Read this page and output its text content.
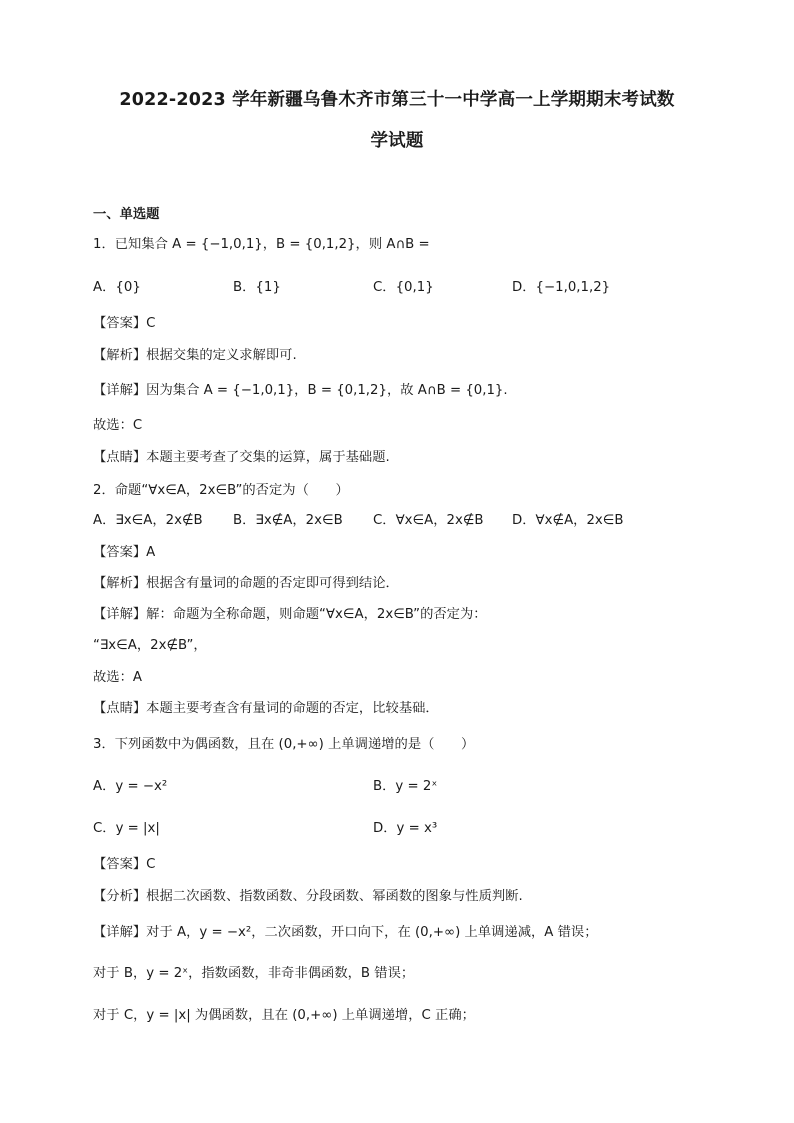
2022-2023 学年新疆乌鲁木齐市第三十一中学高一上学期期末考试数
学试题
一、单选题
1．已知集合 A = {−1,0,1}，B = {0,1,2}，则 A∩B =
A．{0}	B．{1}	C．{0,1}	D．{−1,0,1,2}
【答案】C
【解析】根据交集的定义求解即可.
【详解】因为集合 A = {−1,0,1}，B = {0,1,2}，故 A∩B = {0,1}.
故选：C
【点睛】本题主要考查了交集的运算，属于基础题.
2．命题“∀x∈A，2x∈B”的否定为（　　）
A．∃x∈A，2x∉B B．∃x∉A，2x∈B C．∀x∈A，2x∉B D．∀x∉A，2x∈B
【答案】A
【解析】根据含有量词的命题的否定即可得到结论．
【详解】解：命题为全称命题，则命题“∀x∈A，2x∈B”的否定为：
“∃x∈A，2x∉B”，
故选：A
【点睛】本题主要考查含有量词的命题的否定，比较基础．
3．下列函数中为偶函数，且在 (0,+∞) 上单调递增的是（　　）
A．y = −x²	B．y = 2ˣ
C．y = |x|	D．y = x³
【答案】C
【分析】根据二次函数、指数函数、分段函数、幂函数的图象与性质判断.
【详解】对于 A，y = −x²，二次函数，开口向下，在 (0,+∞) 上单调递减，A 错误；
对于 B，y = 2ˣ，指数函数，非奇非偶函数，B 错误；
对于 C，y = |x| 为偶函数，且在 (0,+∞) 上单调递增，C 正确；
